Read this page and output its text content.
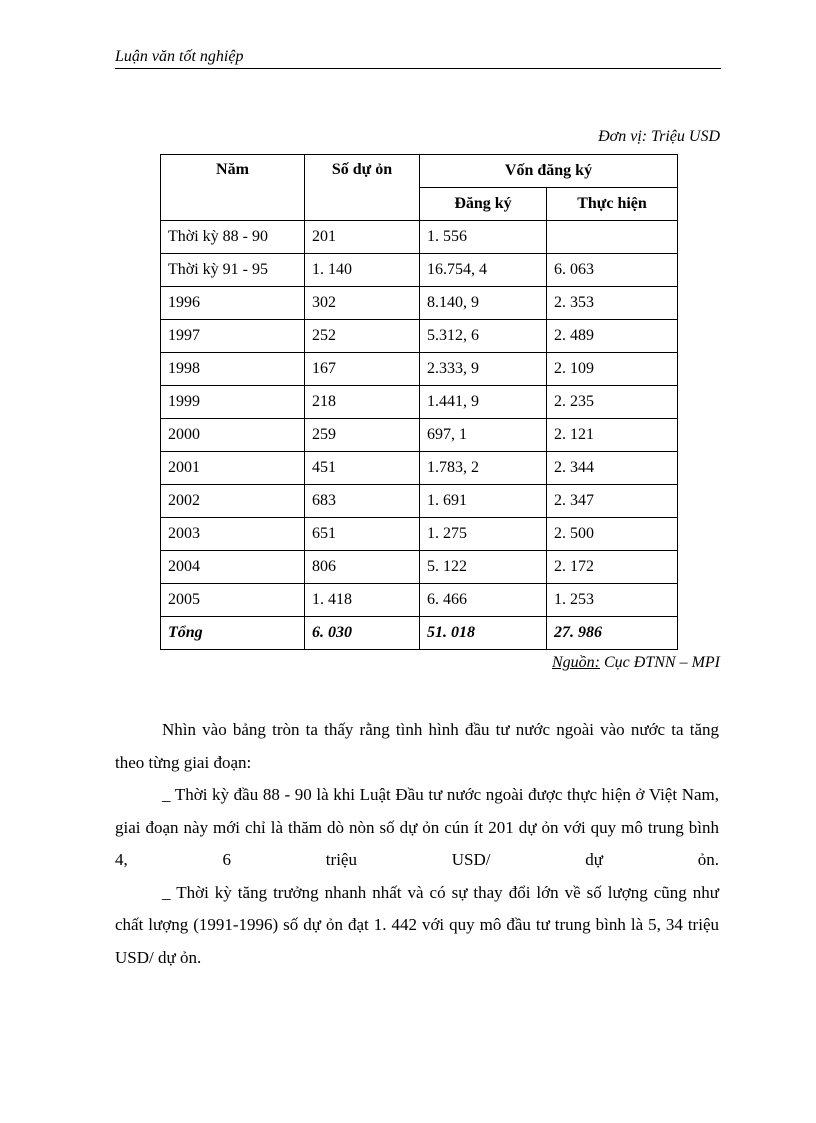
Luận văn tốt nghiệp
Đơn vị: Triệu USD
Năm	Số dự ỏn	Vốn đăng ký	
		Đăng ký	Thực hiện
Thời kỳ 88 - 90	201	1. 556	
Thời kỳ 91 - 95	1. 140	16.754, 4	6. 063
1996	302	8.140, 9	2. 353
1997	252	5.312, 6	2. 489
1998	167	2.333, 9	2. 109
1999	218	1.441, 9	2. 235
2000	259	697, 1	2. 121
2001	451	1.783, 2	2. 344
2002	683	1. 691	2. 347
2003	651	1. 275	2. 500
2004	806	5. 122	2. 172
2005	1. 418	6. 466	1. 253
Tổng	6. 030	51. 018	27. 986
Nguồn: Cục ĐTNN – MPI

Nhìn vào bảng tròn ta thấy rằng tình hình đầu tư nước ngoài vào nước ta tăng theo từng giai đoạn:

_ Thời kỳ đầu 88 - 90 là khi Luật Đầu tư nước ngoài được thực hiện ở Việt Nam, giai đoạn này mới chỉ là thăm dò nòn số dự ỏn cún ít 201 dự ỏn với quy mô trung bình 4, 6 triệu USD/ dự ỏn.

_ Thời kỳ tăng trưởng nhanh nhất và có sự thay đổi lớn về số lượng cũng như chất lượng (1991-1996) số dự ỏn đạt 1. 442 với quy mô đầu tư trung bình là 5, 34 triệu USD/ dự ỏn.
